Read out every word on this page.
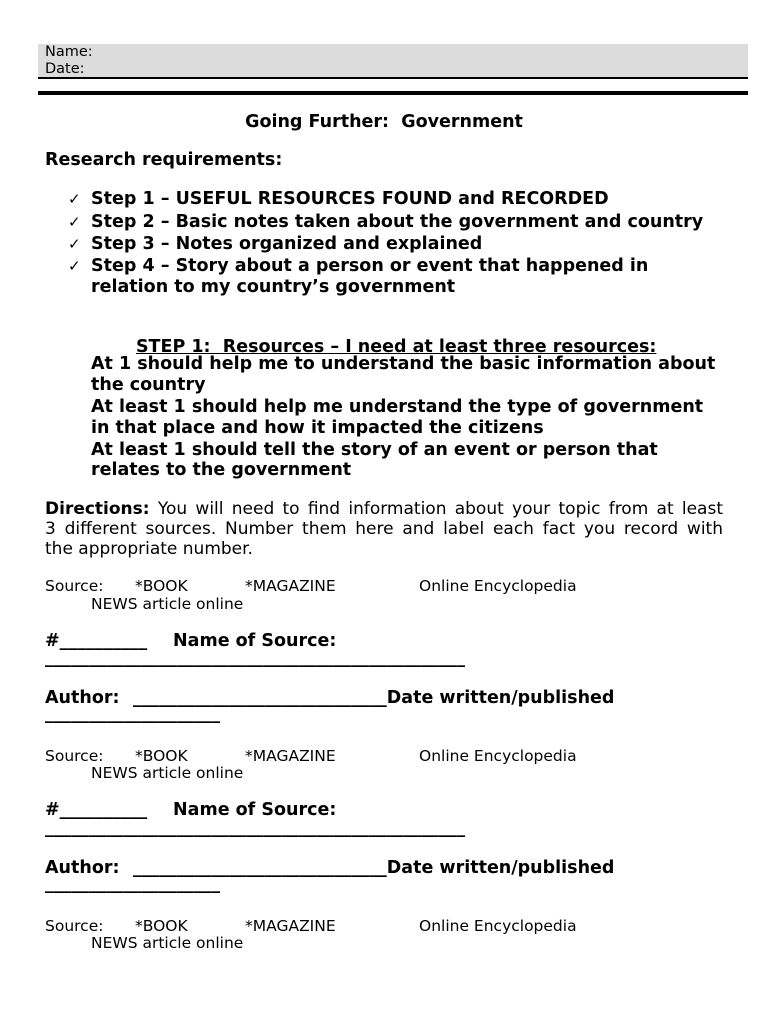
Name:
Date:
Going Further:  Government
Research requirements:
✓ Step 1 – USEFUL RESOURCES FOUND and RECORDED
✓ Step 2 – Basic notes taken about the government and country
✓ Step 3 – Notes organized and explained
✓ Step 4 – Story about a person or event that happened in
relation to my country’s government

STEP 1:  Resources – I need at least three resources:

At 1 should help me to understand the basic information about
the country
At least 1 should help me understand the type of government
in that place and how it impacted the citizens
At least 1 should tell the story of an event or person that
relates to the government
Directions: You will need to find information about your topic from at least
3 different sources. Number them here and label each fact you record with
the appropriate number.
Source: *BOOK	*MAGAZINE	Online Encyclopedia
NEWS article online
#__________ Name of Source:
________________________________________________
Author: _____________________________Date written/published
____________________
Source: *BOOK	*MAGAZINE	Online Encyclopedia
NEWS article online
#__________ Name of Source:
________________________________________________
Author: _____________________________Date written/published
____________________
Source: *BOOK	*MAGAZINE	Online Encyclopedia
NEWS article online
